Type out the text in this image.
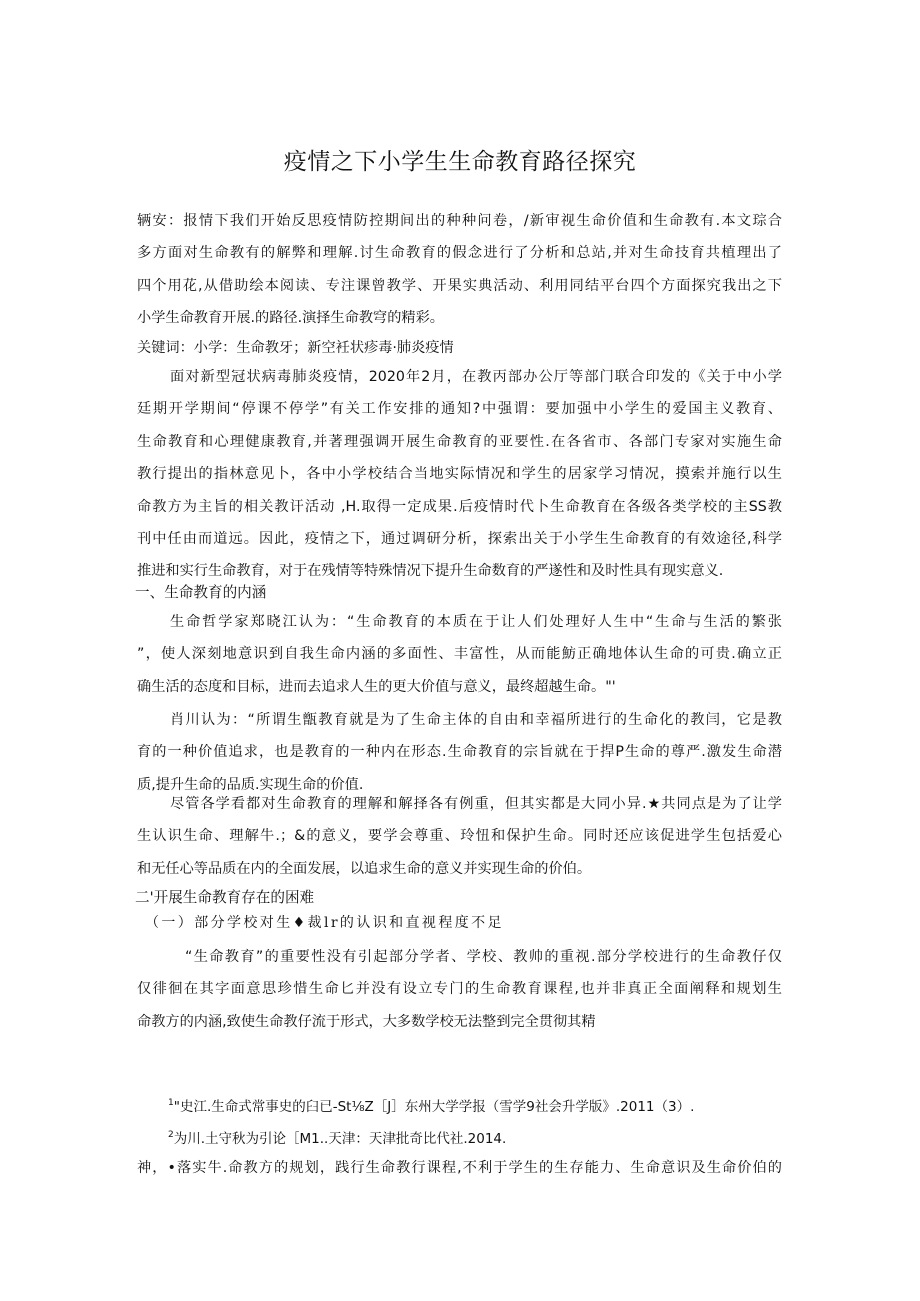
疫情之下小学生生命教育路径探究
辆安：报情下我们开始反思疫情防控期间出的种种问卷，/新审视生命价值和生命教有.本文琮合
多方面对生命教有的解弊和理解.讨生命教育的假念进行了分析和总站,并对生命技育共植理出了
四个用花,从借助绘本阅读、专注课曾教学、开果实典活动、利用同结平台四个方面探究我出之下
小学生命教育开展.的路径.演择生命教穹的精彩。
关键词：小学：生命教牙；新空衽状疹毒·肺炎疫情
面对新型冠状病毒肺炎疫情，2020年2月，在教丙部办公厅等部门联合印发的《关于中小学
廷期开学期间“停课不停学”有关工作安排的通知?中强谓：要加强中小学生的爱国主义教育、
生命教育和心理健康教育,并著理强调开展生命教育的亚要性.在各省市、各部门专家对实施生命
教行提出的指林意见卜，各中小学校结合当地实际情况和学生的居家学习情况，摸索并施行以生
命教方为主旨的相关教讦活动 ,H.取得一定成果.后疫情时代卜生命教育在各级各类学校的主SS教
刊中任由而道远。因此，疫情之下，通过调研分析，探索出关于小学生生命教育的有效途径,科学
推进和实行生命教育，对于在残情等特殊情况下提升生命数育的严遂性和及时性具有现实意义.
一、生命教育的内涵
生命哲学家郑晓江认为：“生命教育的本质在于让人们处理好人生中“生命与生活的繁张
”，使人深刻地意识到自我生命内涵的多面性、丰富性，从而能魴正确地体认生命的可贵.确立正
确生活的态度和目标，进而去追求人生的更大价值与意义，最终超越生命。"'
肖川认为：“所谓生甑教育就是为了生命主体的自由和幸福所进行的生命化的教闫，它是教
育的一种价值追求，也是教育的一种内在形态.生命教育的宗旨就在于捍P生命的尊严.激发生命潜
质,提升生命的品质.实现生命的价值.
尽管各学看都对生命教育的理解和解择各有例重，但其实都是大同小异.★共同点是为了让学
生认识生命、理解牛.；&的意义，要学会尊重、玲忸和保护生命。同时还应该促进学生包括爱心
和无任心等品质在内的全面发展，以追求生命的意义并实现生命的价伯。
二'开展生命教育存在的困难
（一）部分学校对生♦裁lr的认识和直视程度不足
“生命教育”的重要性没有引起部分学者、学校、教帅的重视.部分学校进行的生命教仔仅
仅徘徊在其字面意思珍惜生命匕并没有设立专门的生命教育课程,也并非真正全面阐释和规划生
命教方的内涵,致使生命教仔流于形式，大多数学校无法整到完全贯彻其精
$^1$"史江.生命式常事史的臼已-St⅛Z［J］东州大学学报（雪学9社会升学版》.2011（3）.
$^2$为川.土守秋为引论［M1..天津：天津批奇比代社.2014.
神，•落实牛.命教方的规划，践行生命教行课程,不利于学生的生存能力、生命意识及生命价伯的
